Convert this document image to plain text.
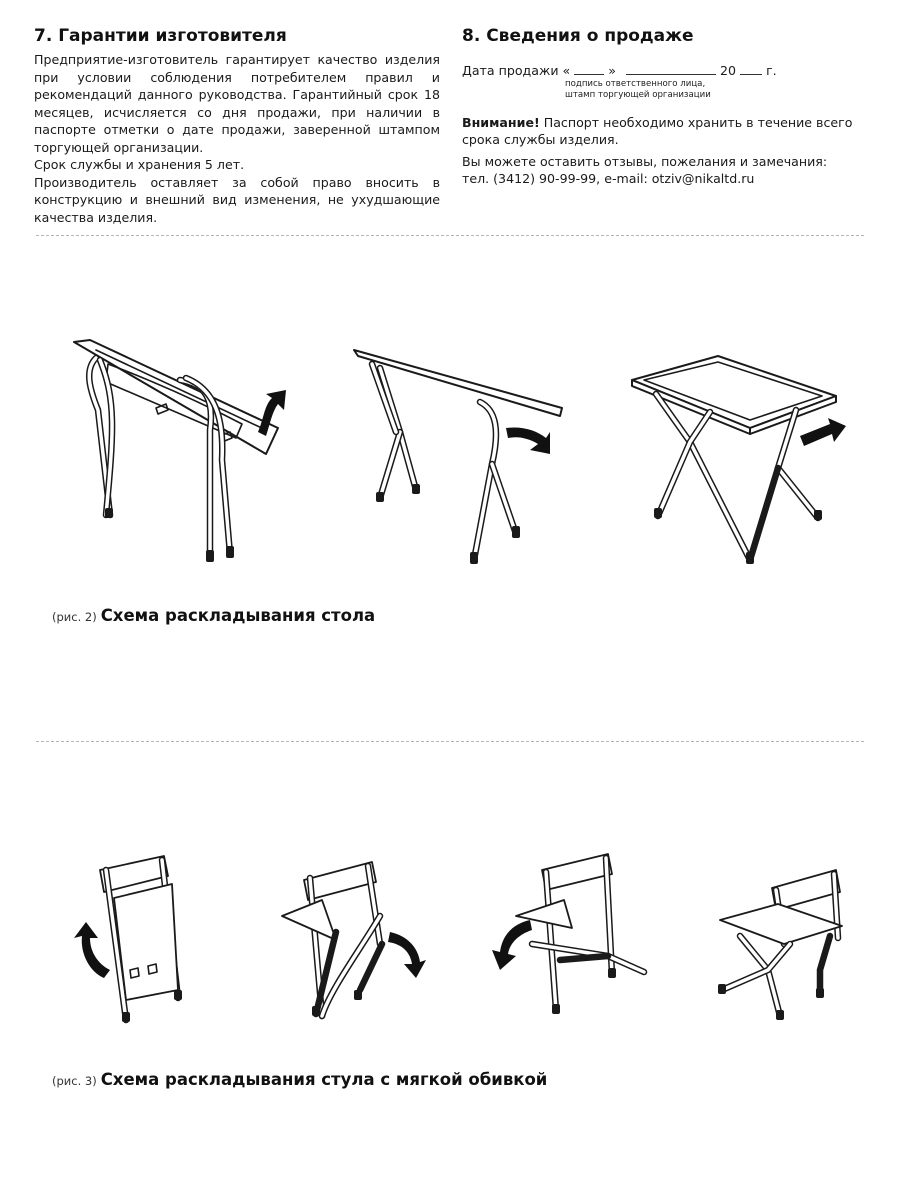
7. Гарантии изготовителя

Предприятие-изготовитель гарантирует качество изделия при условии соблюдения потребителем правил и рекомендаций данного руководства. Гарантийный срок 18 месяцев, исчисляется со дня продажи, при наличии в паспорте отметки о дате продажи, заверенной штампом торгующей организации.

Срок службы и хранения 5 лет.

Производитель оставляет за собой право вносить в конструкцию и внешний вид изменения, не ухудшающие качества изделия.

8. Сведения о продаже
Дата продажи «	»	20 г.
подпись ответственного лица,
штамп торгующей организации
Внимание! Паспорт необходимо хранить в течение всего срока службы изделия.

Вы можете оставить отзывы, пожелания и замечания:

тел. (3412) 90-99-99, e-mail: otziv@nikaltd.ru

(рис. 2) Схема раскладывания стола
(рис. 3) Схема раскладывания стула с мягкой обивкой
